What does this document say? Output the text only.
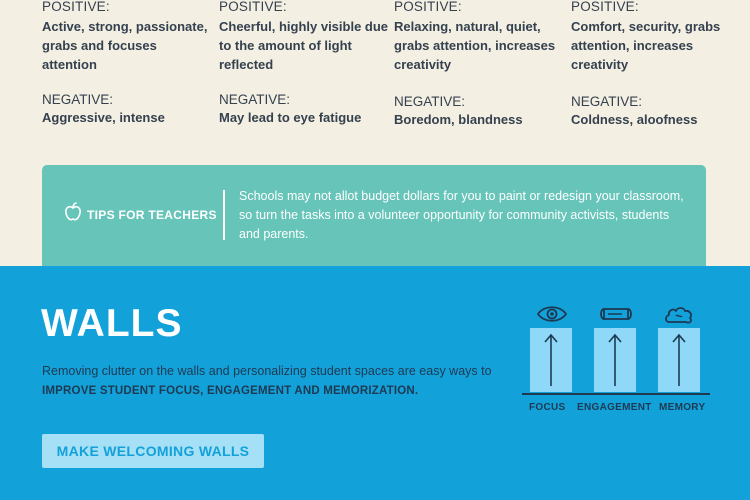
POSITIVE:
Active, strong, passionate, grabs and focuses attention
NEGATIVE:
Aggressive, intense
POSITIVE:
Cheerful, highly visible due to the amount of light reflected
NEGATIVE:
May lead to eye fatigue
POSITIVE:
Relaxing, natural, quiet, grabs attention, increases creativity
NEGATIVE:
Boredom, blandness
POSITIVE:
Comfort, security, grabs attention, increases creativity
NEGATIVE:
Coldness, aloofness
TIPS FOR TEACHERS
Schools may not allot budget dollars for you to paint or redesign your classroom, so turn the tasks into a volunteer opportunity for community activists, students and parents.
WALLS
Removing clutter on the walls and personalizing student spaces are easy ways to IMPROVE STUDENT FOCUS, ENGAGEMENT AND MEMORIZATION.
MAKE WELCOMING WALLS
FOCUS ENGAGEMENT MEMORY
